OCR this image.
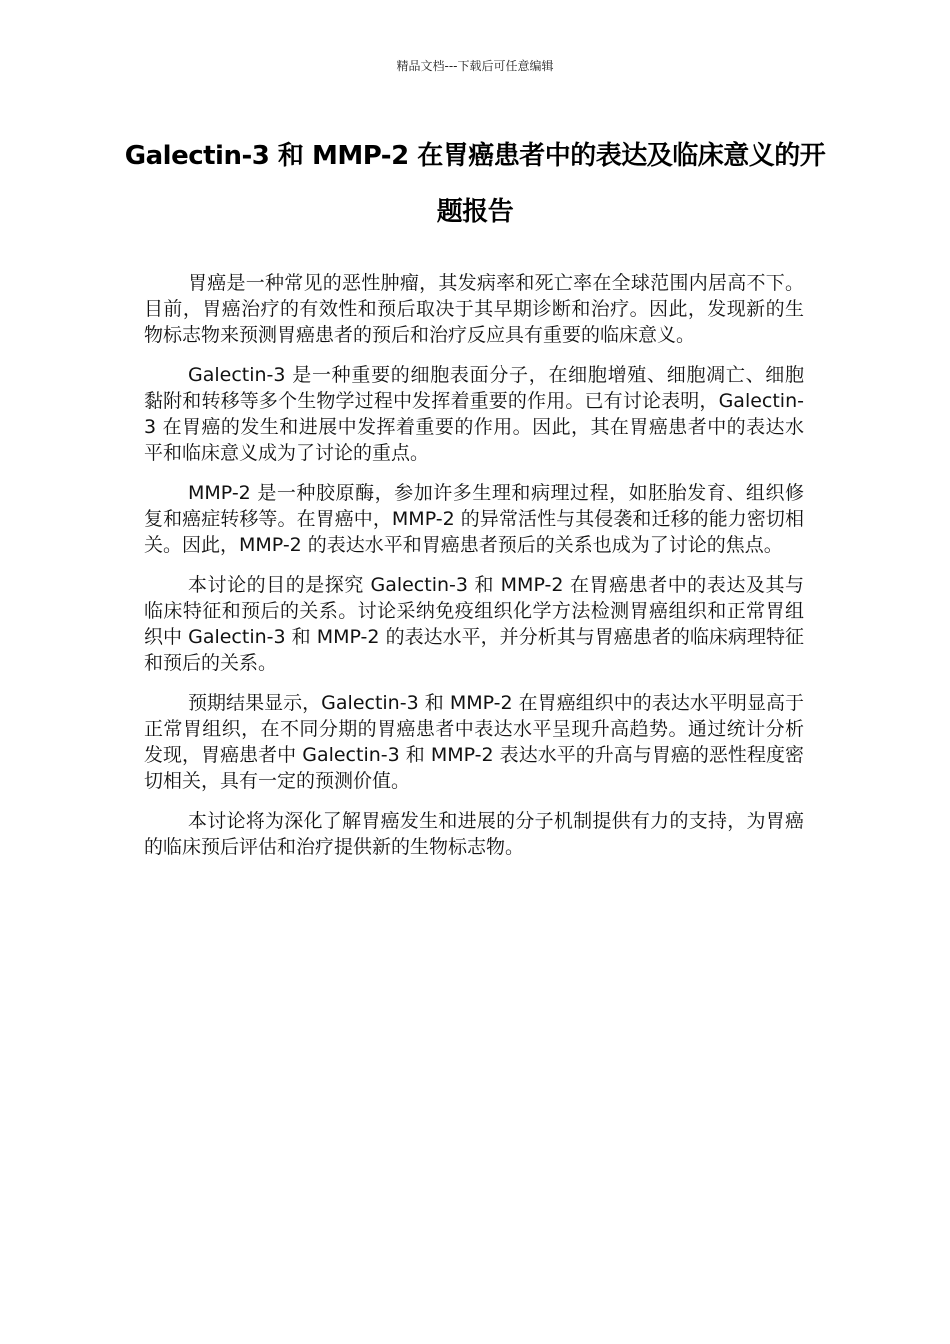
精品文档---下载后可任意编辑
Galectin-3 和 MMP-2 在胃癌患者中的表达及临床意义的开题报告

胃癌是一种常见的恶性肿瘤，其发病率和死亡率在全球范围内居高不下。目前，胃癌治疗的有效性和预后取决于其早期诊断和治疗。因此，发现新的生物标志物来预测胃癌患者的预后和治疗反应具有重要的临床意义。

Galectin-3 是一种重要的细胞表面分子，在细胞增殖、细胞凋亡、细胞黏附和转移等多个生物学过程中发挥着重要的作用。已有讨论表明，Galectin-3 在胃癌的发生和进展中发挥着重要的作用。因此，其在胃癌患者中的表达水平和临床意义成为了讨论的重点。

MMP-2 是一种胶原酶，参加许多生理和病理过程，如胚胎发育、组织修复和癌症转移等。在胃癌中，MMP-2 的异常活性与其侵袭和迁移的能力密切相关。因此，MMP-2 的表达水平和胃癌患者预后的关系也成为了讨论的焦点。

本讨论的目的是探究 Galectin-3 和 MMP-2 在胃癌患者中的表达及其与临床特征和预后的关系。讨论采纳免疫组织化学方法检测胃癌组织和正常胃组织中 Galectin-3 和 MMP-2 的表达水平，并分析其与胃癌患者的临床病理特征和预后的关系。

预期结果显示，Galectin-3 和 MMP-2 在胃癌组织中的表达水平明显高于正常胃组织，在不同分期的胃癌患者中表达水平呈现升高趋势。通过统计分析发现，胃癌患者中 Galectin-3 和 MMP-2 表达水平的升高与胃癌的恶性程度密切相关，具有一定的预测价值。

本讨论将为深化了解胃癌发生和进展的分子机制提供有力的支持，为胃癌的临床预后评估和治疗提供新的生物标志物。
